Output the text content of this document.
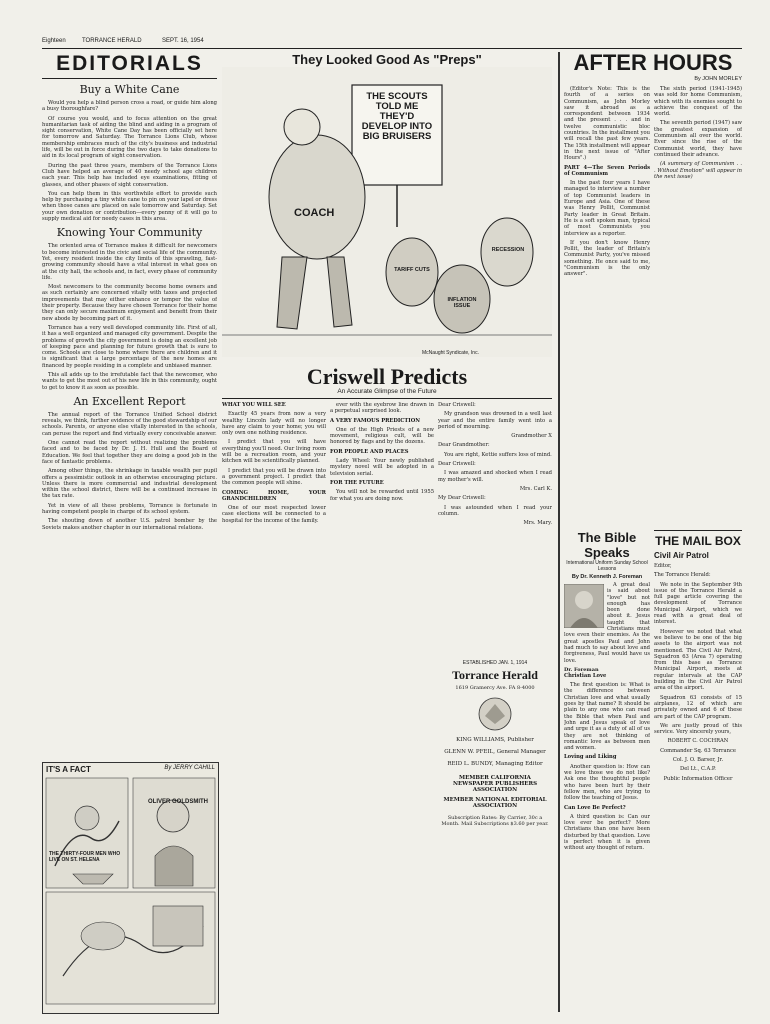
Eighteen	TORRANCE HERALD	SEPT. 16, 1954
EDITORIALS
Buy a White Cane

Would you help a blind person cross a road, or guide him along a busy thoroughfare?

Of course you would, and to focus attention on the great humanitarian task of aiding the blind and aiding in a program of sight conservation, White Cane Day has been officially set here for tomorrow and Saturday. The Torrance Lions Club, whose membership embraces much of the city's business and industrial life, will be out in force during the two days to take donations to aid in its local program of sight conservation.

During the past three years, members of the Torrance Lions Club have helped an average of 40 needy school age children each year. This help has included eye examinations, fitting of glasses, and other phases of sight conservation.

You can help them in this worthwhile effort to provide such help by purchasing a tiny white cane to pin on your lapel or dress when those canes are placed on sale tomorrow and Saturday. Set your own donation or contribution—every penny of it will go to supply medical aid for needy cases in this area.

Knowing Your Community

The oriented area of Torrance makes it difficult for newcomers to become interested in the civic and social life of the community. Yet, every resident inside the city limits of this sprawling, fast-growing community should have a vital interest in what goes on at the city hall, the schools and, in fact, every phase of community life.

Most newcomers to the community become home owners and as such certainly are concerned vitally with taxes and projected improvements that may either enhance or temper the value of their property. Because they have chosen Torrance for their home they can only secure maximum enjoyment and benefit from their new abode by becoming part of it.

Torrance has a very well developed community life. First of all, it has a well organized and managed city government. Despite the problems of growth the city government is doing an excellent job of keeping pace and planning for future growth that is sure to come. Schools are close to home where there are children and it is significant that a large percentage of the new homes are financed by people residing in a complete and unbiased manner.

This all adds up to the irrefutable fact that the newcomer, who wants to get the most out of his new life in this community, ought to get to know it as soon as possible.

An Excellent Report

The annual report of the Torrance Unified School district reveals, we think, further evidence of the good stewardship of our schools. Parents, or anyone else vitally interested in the schools, can peruse the report and find virtually every conceivable answer.

One cannot read the report without realizing the problems faced and to be faced by Dr. J. H. Hull and the Board of Education. We feel that together they are doing a good job in the face of fantastic problems.

Among other things, the shrinkage in taxable wealth per pupil offers a pessimistic outlook in an otherwise encouraging picture. Unless there is more commercial and industrial development within the school district, there will be a continued increase in the tax rate.

Yet in view of all these problems, Torrance is fortunate in having competent people in charge of its school system.

The shouting down of another U.S. patrol bomber by the Soviets makes another chapter in our international relations.

IT'S A FACT	By JERRY CAHILL
THE THIRTY-FOUR MEN WHO LIVE ON ST. HELENA
OLIVER GOLDSMITH
They Looked Good As "Preps"
THE SCOUTS TOLD ME THEY'D DEVELOP INTO BIG BRUISERS
COACH
TARIFF CUTS
INFLATION ISSUE
RECESSION
McNaught Syndicate, Inc.
Criswell Predicts
An Accurate Glimpse of the Future

WHAT YOU WILL SEE

Exactly 45 years from now a very wealthy Lincoln lady will no longer have any claim to your home; you will only own one nothing residence.

I predict that you will have everything you'll need. Our living room will be a recreation room, and your kitchen will be scientifically planned.

I predict that you will be drawn into a government project. I predict that the common people will shine.

COMING HOME, YOUR GRANDCHILDREN

One of our most respected lower case elections will be connected to a hospital for the income of the family.

ever with the eyebrow line drawn in a perpetual surprised look.

A VERY FAMOUS PREDICTION

One of the High Priests of a new movement, religious cult, will be honored by flags and by the dozens.

FOR PEOPLE AND PLACES

Lady Wheel: Your newly published mystery novel will be adopted in a television serial.

FOR THE FUTURE

You will not be rewarded until 1955 for what you are doing now.

Dear Criswell:

My grandson was drowned in a well last year and the entire family went into a period of mourning.

Grandmother X

Dear Grandmother:

You are right, Kettie suffers loss of mind.

Dear Criswell:

I was amazed and shocked when I read my mother's will.

Mrs. Carl K.

My Dear Criswell:

I was astounded when I read your column.

Mrs. Mary.

ESTABLISHED JAN. 1, 1914
Torrance Herald
1619 Gramercy Ave. FA 8-4000
KING WILLIAMS, Publisher
GLENN W. PFEIL, General Manager
REID L. BUNDY, Managing Editor
MEMBER CALIFORNIA NEWSPAPER PUBLISHERS ASSOCIATION
MEMBER NATIONAL EDITORIAL ASSOCIATION
Subscription Rates: By Carrier, 30c a Month. Mail Subscriptions $3.60 per year.
AFTER HOURS
By JOHN MORLEY

(Editor's Note: This is the fourth of a series on Communism, as John Morley saw it abroad as a correspondent between 1934 and the present . . . and in twelve communistic bloc countries. In the installment you will recall the past few years. The 15th installment will appear in the next issue of "After Hours".)

PART 4—The Seven Periods of Communism

In the past four years I have managed to interview a number of top Communist leaders in Europe and Asia. One of these was Henry Pollit, Communist Party leader in Great Britain. He is a soft spoken man, typical of most Communists you interview as a reporter.

If you don't know Henry Pollit, the leader of Britain's Communist Party, you've missed something. He once said to me, "Communism is the only answer".

The sixth period (1941-1945) was sold for home Communism, which with its enemies sought to achieve the conquest of the world.

The seventh period (1947) saw the greatest expansion of Communism all over the world. Ever since the rise of the Communist world, they have continued their advance.

(A summary of Communism . . . Without Emotion" will appear in the next issue)

The Bible Speaks
International Uniform Sunday School Lessons
By Dr. Kenneth J. Foreman

A great deal is said about "love" but not enough has been done about it. Jesus taught that Christians must love even their enemies. As the great apostles Paul and John had much to say about love and forgiveness, Paul would have us love.

Dr. Foreman

Christian Love

The first question is: What is the difference between Christian love and what usually goes by that name? It should be plain to any one who can read the Bible that when Paul and John and Jesus speak of love and urge it as a duty of all of us they are not thinking of romantic love as between men and women.

Loving and Liking

Another question is: How can we love those we do not like? Ask one the thoughtful people who have been hurt by their fellow men, who are trying to follow the teaching of Jesus.

Can Love Be Perfect?

A third question is: Can our love ever be perfect? More Christians than one have been disturbed by that question. Love is perfect when it is given without any thought of return.

THE MAIL BOX
Civil Air Patrol

Editor,

The Torrance Herald:

We note in the September 9th issue of the Torrance Herald a full page article covering the development of Torrance Municipal Airport, which we read with a great deal of interest.

However we noted that what we believe to be one of the big assets to the airport was not mentioned. The Civil Air Patrol, Squadron 63 (Area 7) operating from this base as Torrance Municipal Airport, meets at regular intervals at the CAP building in the Civil Air Patrol area of the airport.

Squadron 63 consists of 15 airplanes, 12 of which are privately owned and 6 of these are part of the CAP program.

We are justly proud of this service. Very sincerely yours,

ROBERT C. COCHRAN

Commander Sq. 63 Torrance

Col. J. O. Barser, Jr.

Del Lt., C.A.P.

Public Information Officer
